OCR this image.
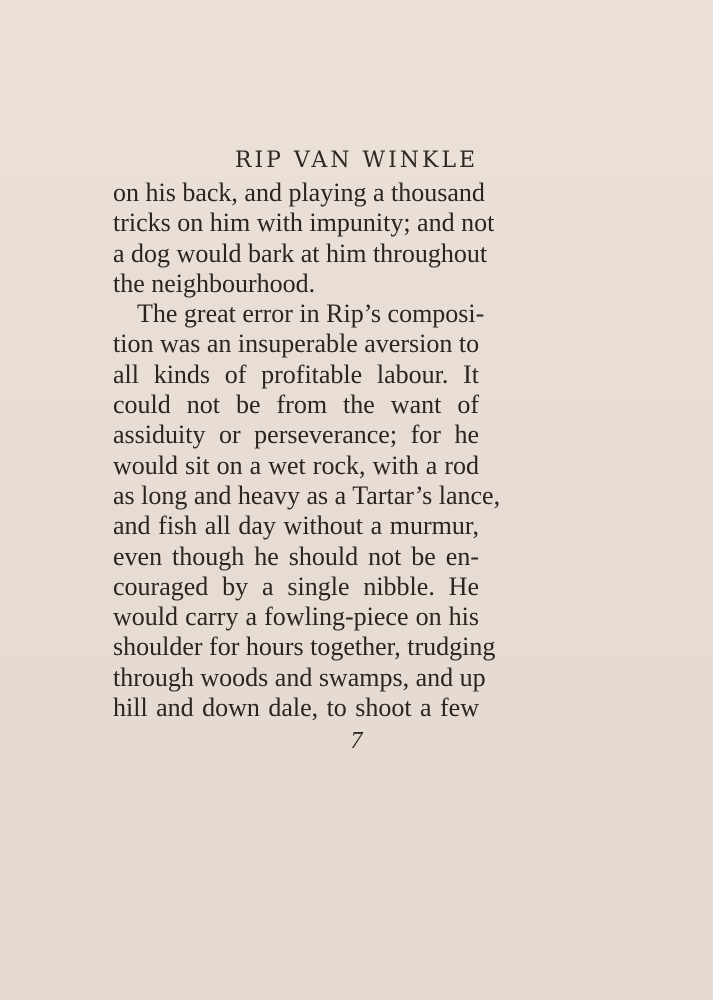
RIP VAN WINKLE
on his back, and playing a thousand
tricks on him with impunity; and not
a dog would bark at him throughout
the neighbourhood.
The great error in Rip’s composi-
tion was an insuperable aversion to
all kinds of profitable labour. It
could not be from the want of
assiduity or perseverance; for he
would sit on a wet rock, with a rod
as long and heavy as a Tartar’s lance,
and fish all day without a murmur,
even though he should not be en-
couraged by a single nibble. He
would carry a fowling-piece on his
shoulder for hours together, trudging
through woods and swamps, and up
hill and down dale, to shoot a few
7
